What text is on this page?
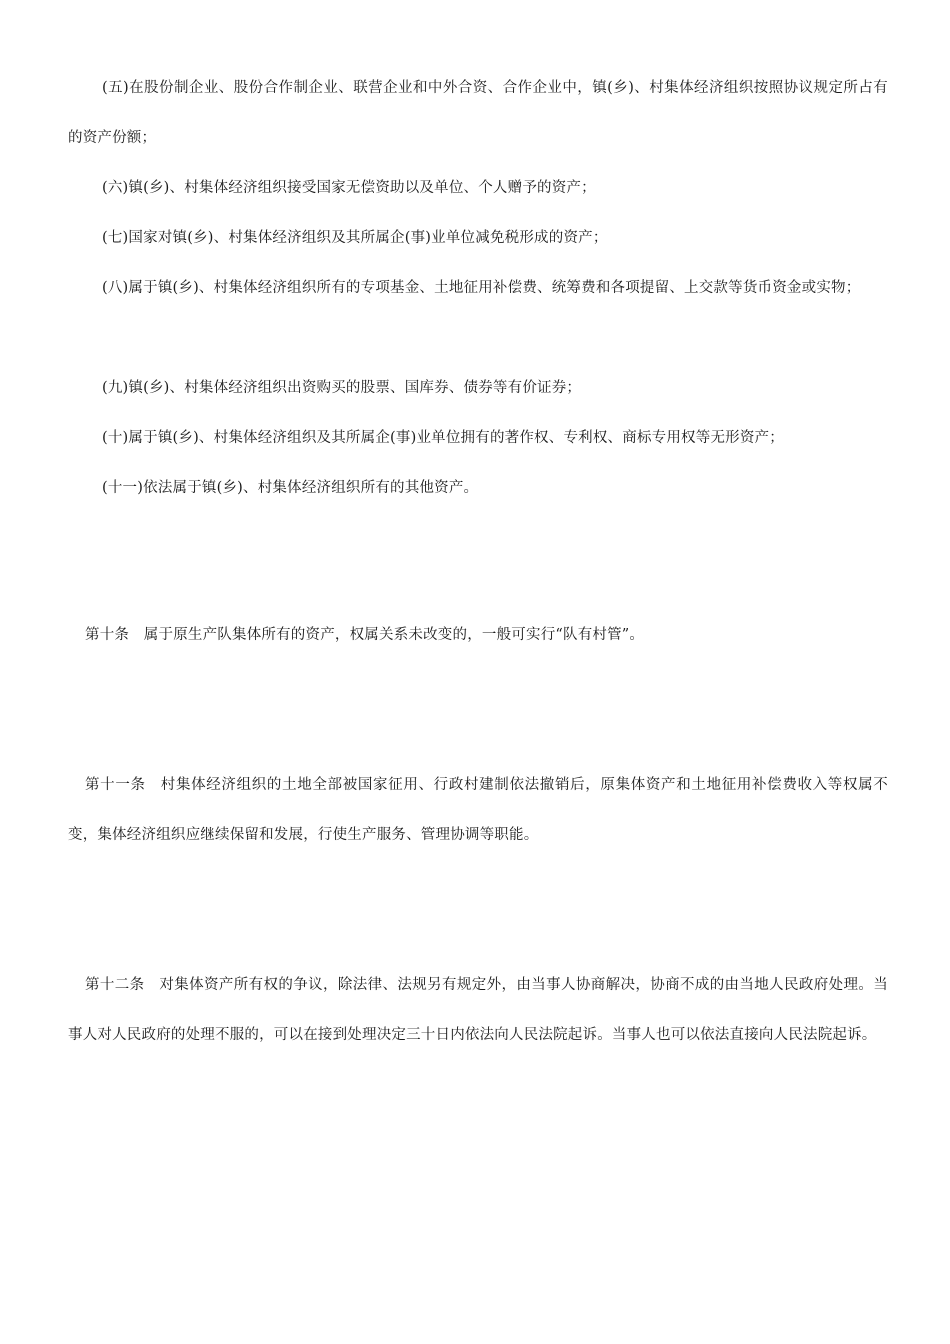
(五)在股份制企业、股份合作制企业、联营企业和中外合资、合作企业中，镇(乡)、村集体经济组织按照协议规定所占有的资产份额；

(六)镇(乡)、村集体经济组织接受国家无偿资助以及单位、个人赠予的资产；

(七)国家对镇(乡)、村集体经济组织及其所属企(事)业单位减免税形成的资产；

(八)属于镇(乡)、村集体经济组织所有的专项基金、土地征用补偿费、统筹费和各项提留、上交款等货币资金或实物；

(九)镇(乡)、村集体经济组织出资购买的股票、国库券、债券等有价证券；

(十)属于镇(乡)、村集体经济组织及其所属企(事)业单位拥有的著作权、专利权、商标专用权等无形资产；

(十一)依法属于镇(乡)、村集体经济组织所有的其他资产。

第十条　属于原生产队集体所有的资产，权属关系未改变的，一般可实行“队有村管”。

第十一条　村集体经济组织的土地全部被国家征用、行政村建制依法撤销后，原集体资产和土地征用补偿费收入等权属不变，集体经济组织应继续保留和发展，行使生产服务、管理协调等职能。

第十二条　对集体资产所有权的争议，除法律、法规另有规定外，由当事人协商解决，协商不成的由当地人民政府处理。当事人对人民政府的处理不服的，可以在接到处理决定三十日内依法向人民法院起诉。当事人也可以依法直接向人民法院起诉。
